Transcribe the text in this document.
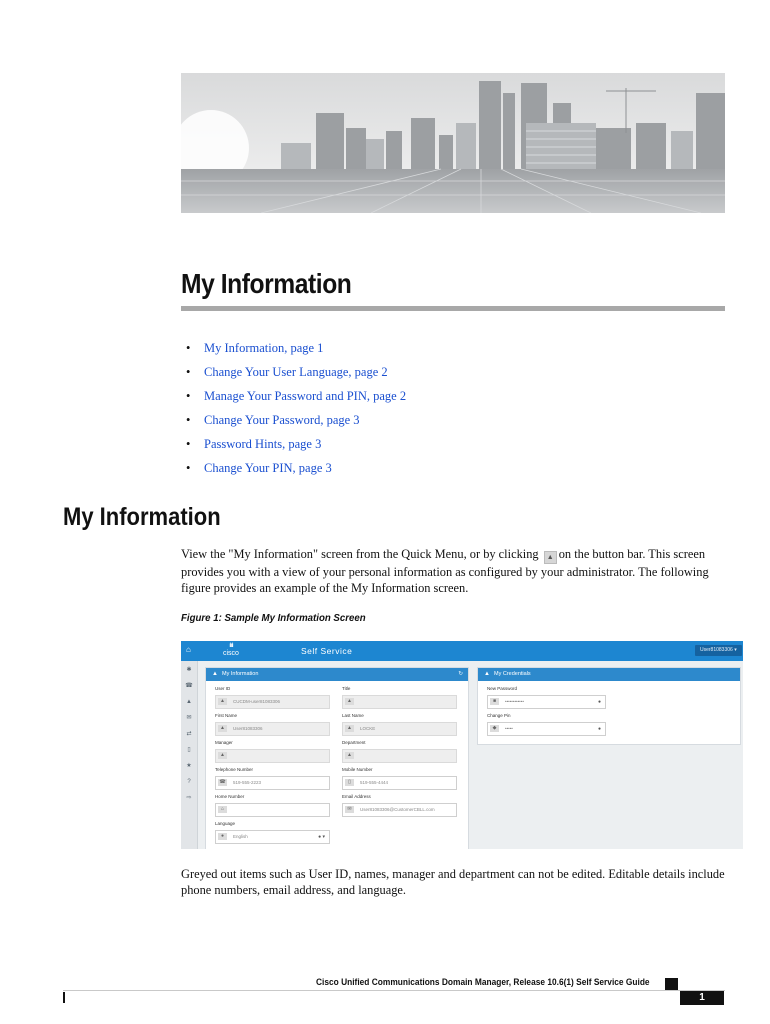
My Information
• My Information, page 1
• Change Your User Language, page 2
• Manage Your Password and PIN, page 2
• Change Your Password, page 3
• Password Hints, page 3
• Change Your PIN, page 3
My Information
View the "My Information" screen from the Quick Menu, or by clicking ▲ on the button bar. This screen provides you with a view of your personal information as configured by your administrator. The following figure provides an example of the My Information screen.
Figure 1: Sample My Information Screen
⌂	ılıılı
cisco	Self Service	User81083306 ▾
✱
☎
▲
✉
⇄
▯
★
?
⇨
▲ My Information	↻
User ID
▲	CUCDM-user81083306
Title
▲
First Name
▲	User81083306
Last Name
▲	LOCKE
Manager
▲
Department
▲
Telephone Number
☎	519-555-2223
Mobile Number
▯	519-555-4444
Home Number
⌂
Email Address
✉	User81083306@CustomerCBLL.com
Language
●	English	● ▾
▲ My Credentials
New Password
■	••••••••••••	●
Change Pin
◆	•••••	●
Greyed out items such as User ID, names, manager and department can not be edited. Editable details include phone numbers, email address, and language.
Cisco Unified Communications Domain Manager, Release 10.6(1) Self Service Guide
1
